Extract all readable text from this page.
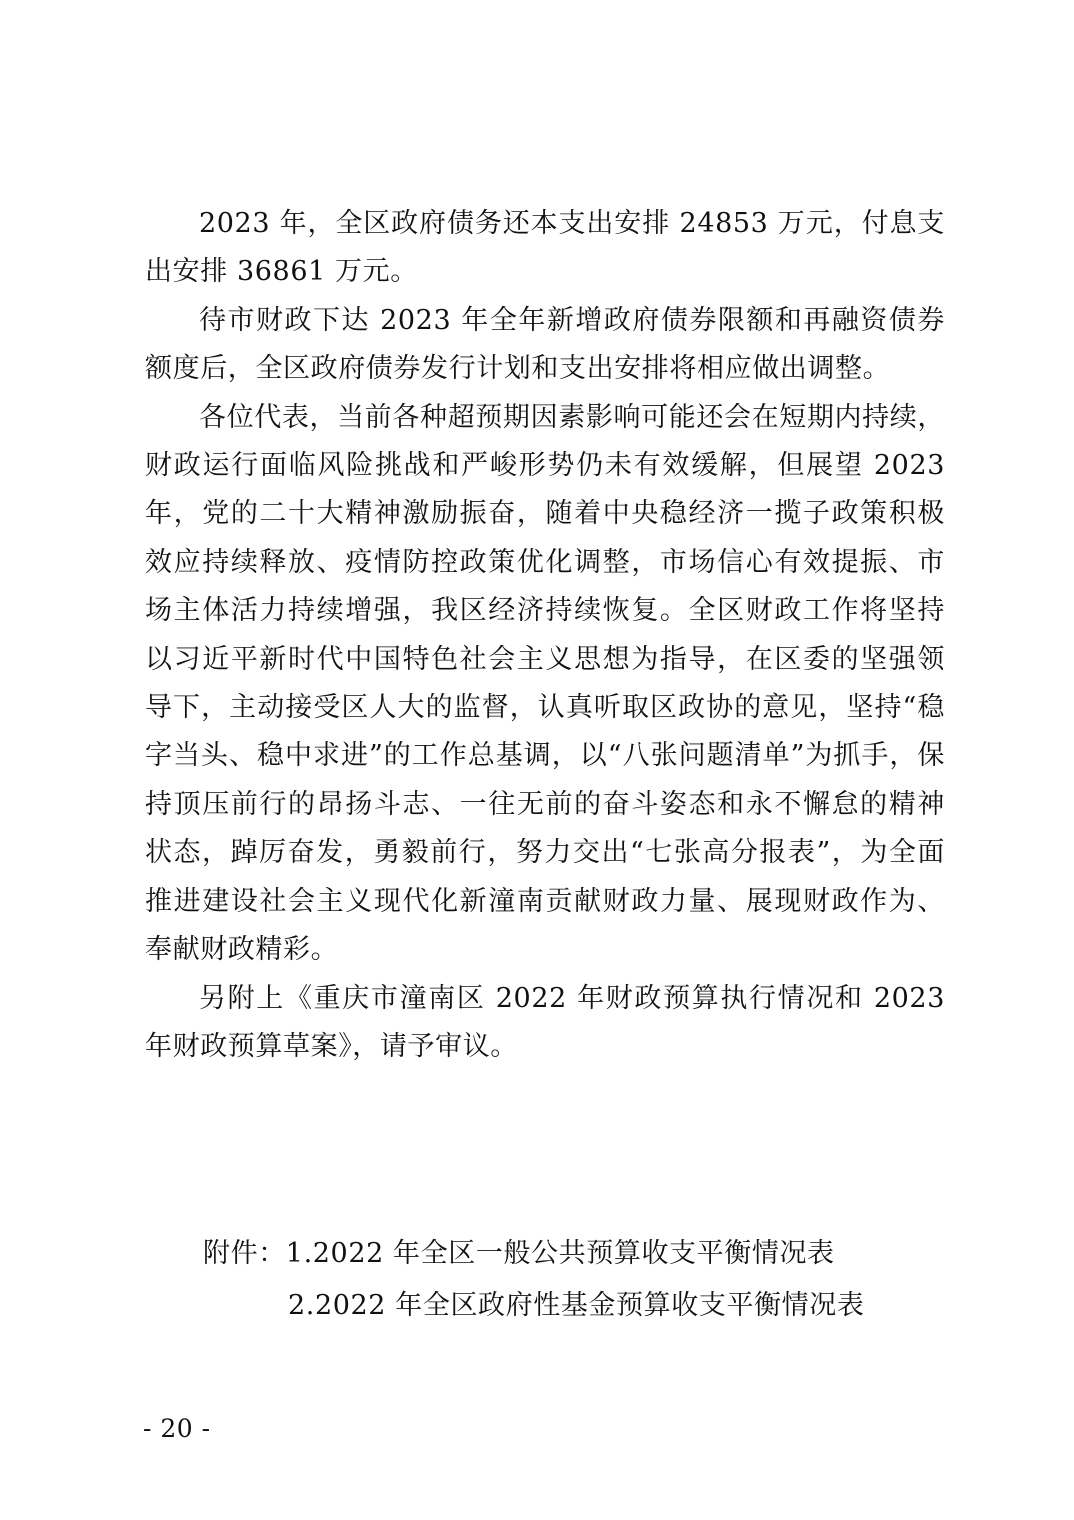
2023 年，全区政府债务还本支出安排 24853 万元，付息支出安排 36861 万元。

待市财政下达 2023 年全年新增政府债券限额和再融资债券额度后，全区政府债券发行计划和支出安排将相应做出调整。

各位代表，当前各种超预期因素影响可能还会在短期内持续，财政运行面临风险挑战和严峻形势仍未有效缓解，但展望 2023 年，党的二十大精神激励振奋，随着中央稳经济一揽子政策积极效应持续释放、疫情防控政策优化调整，市场信心有效提振、市场主体活力持续增强，我区经济持续恢复。全区财政工作将坚持以习近平新时代中国特色社会主义思想为指导，在区委的坚强领导下，主动接受区人大的监督，认真听取区政协的意见，坚持“稳字当头、稳中求进”的工作总基调，以“八张问题清单”为抓手，保持顶压前行的昂扬斗志、一往无前的奋斗姿态和永不懈怠的精神状态，踔厉奋发，勇毅前行，努力交出“七张高分报表”，为全面推进建设社会主义现代化新潼南贡献财政力量、展现财政作为、奉献财政精彩。

另附上《重庆市潼南区 2022 年财政预算执行情况和 2023 年财政预算草案》，请予审议。

附件：1.2022 年全区一般公共预算收支平衡情况表
2.2022 年全区政府性基金预算收支平衡情况表
- 20 -
